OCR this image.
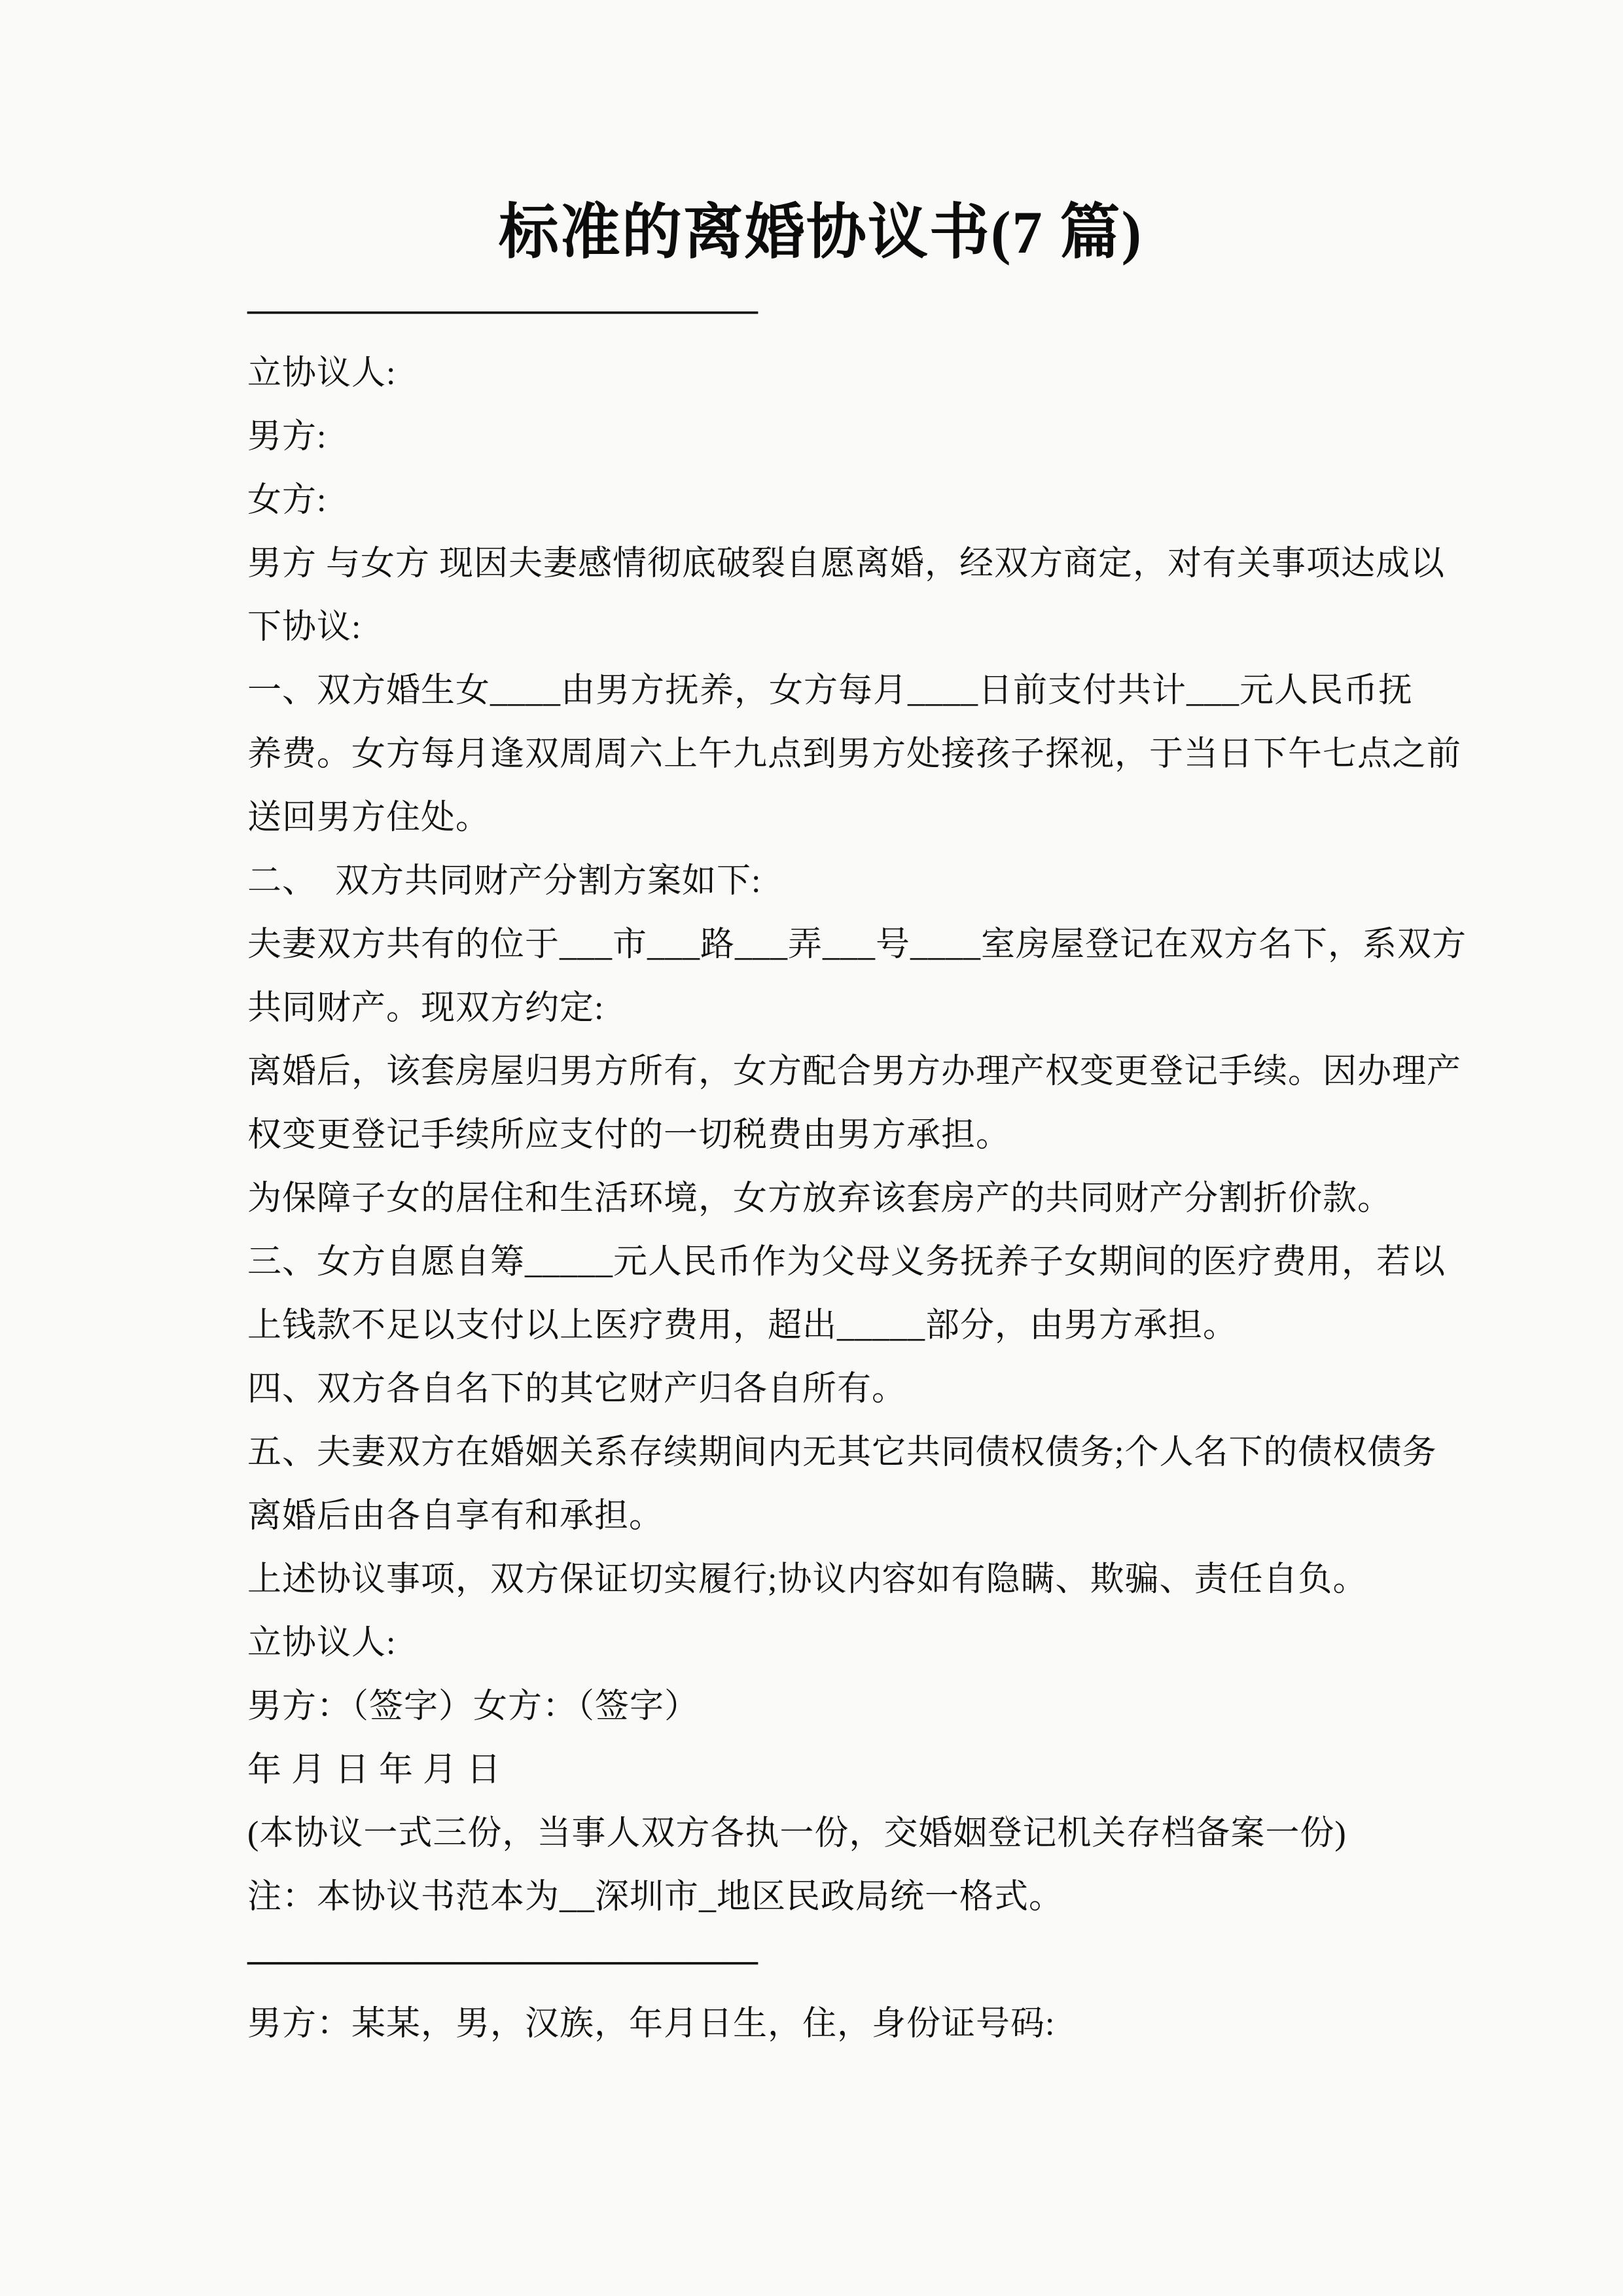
标准的离婚协议书(7 篇)
———————————————
立协议人:
男方:
女方:
男方 与女方 现因夫妻感情彻底破裂自愿离婚，经双方商定，对有关事项达成以
下协议:
一、双方婚生女____由男方抚养，女方每月____日前支付共计___元人民币抚
养费。女方每月逢双周周六上午九点到男方处接孩子探视，于当日下午七点之前
送回男方住处。
二、  双方共同财产分割方案如下:
夫妻双方共有的位于___市___路___弄___号____室房屋登记在双方名下，系双方
共同财产。现双方约定:
离婚后，该套房屋归男方所有，女方配合男方办理产权变更登记手续。因办理产
权变更登记手续所应支付的一切税费由男方承担。
为保障子女的居住和生活环境，女方放弃该套房产的共同财产分割折价款。
三、女方自愿自筹_____元人民币作为父母义务抚养子女期间的医疗费用，若以
上钱款不足以支付以上医疗费用，超出_____部分，由男方承担。
四、双方各自名下的其它财产归各自所有。
五、夫妻双方在婚姻关系存续期间内无其它共同债权债务;个人名下的债权债务
离婚后由各自享有和承担。
上述协议事项，双方保证切实履行;协议内容如有隐瞒、欺骗、责任自负。
立协议人:
男方：（签字）女方：（签字）
年 月 日 年 月 日
(本协议一式三份，当事人双方各执一份，交婚姻登记机关存档备案一份)
注：本协议书范本为__深圳市_地区民政局统一格式。
———————————————
男方：某某，男，汉族，年月日生，住，身份证号码:
